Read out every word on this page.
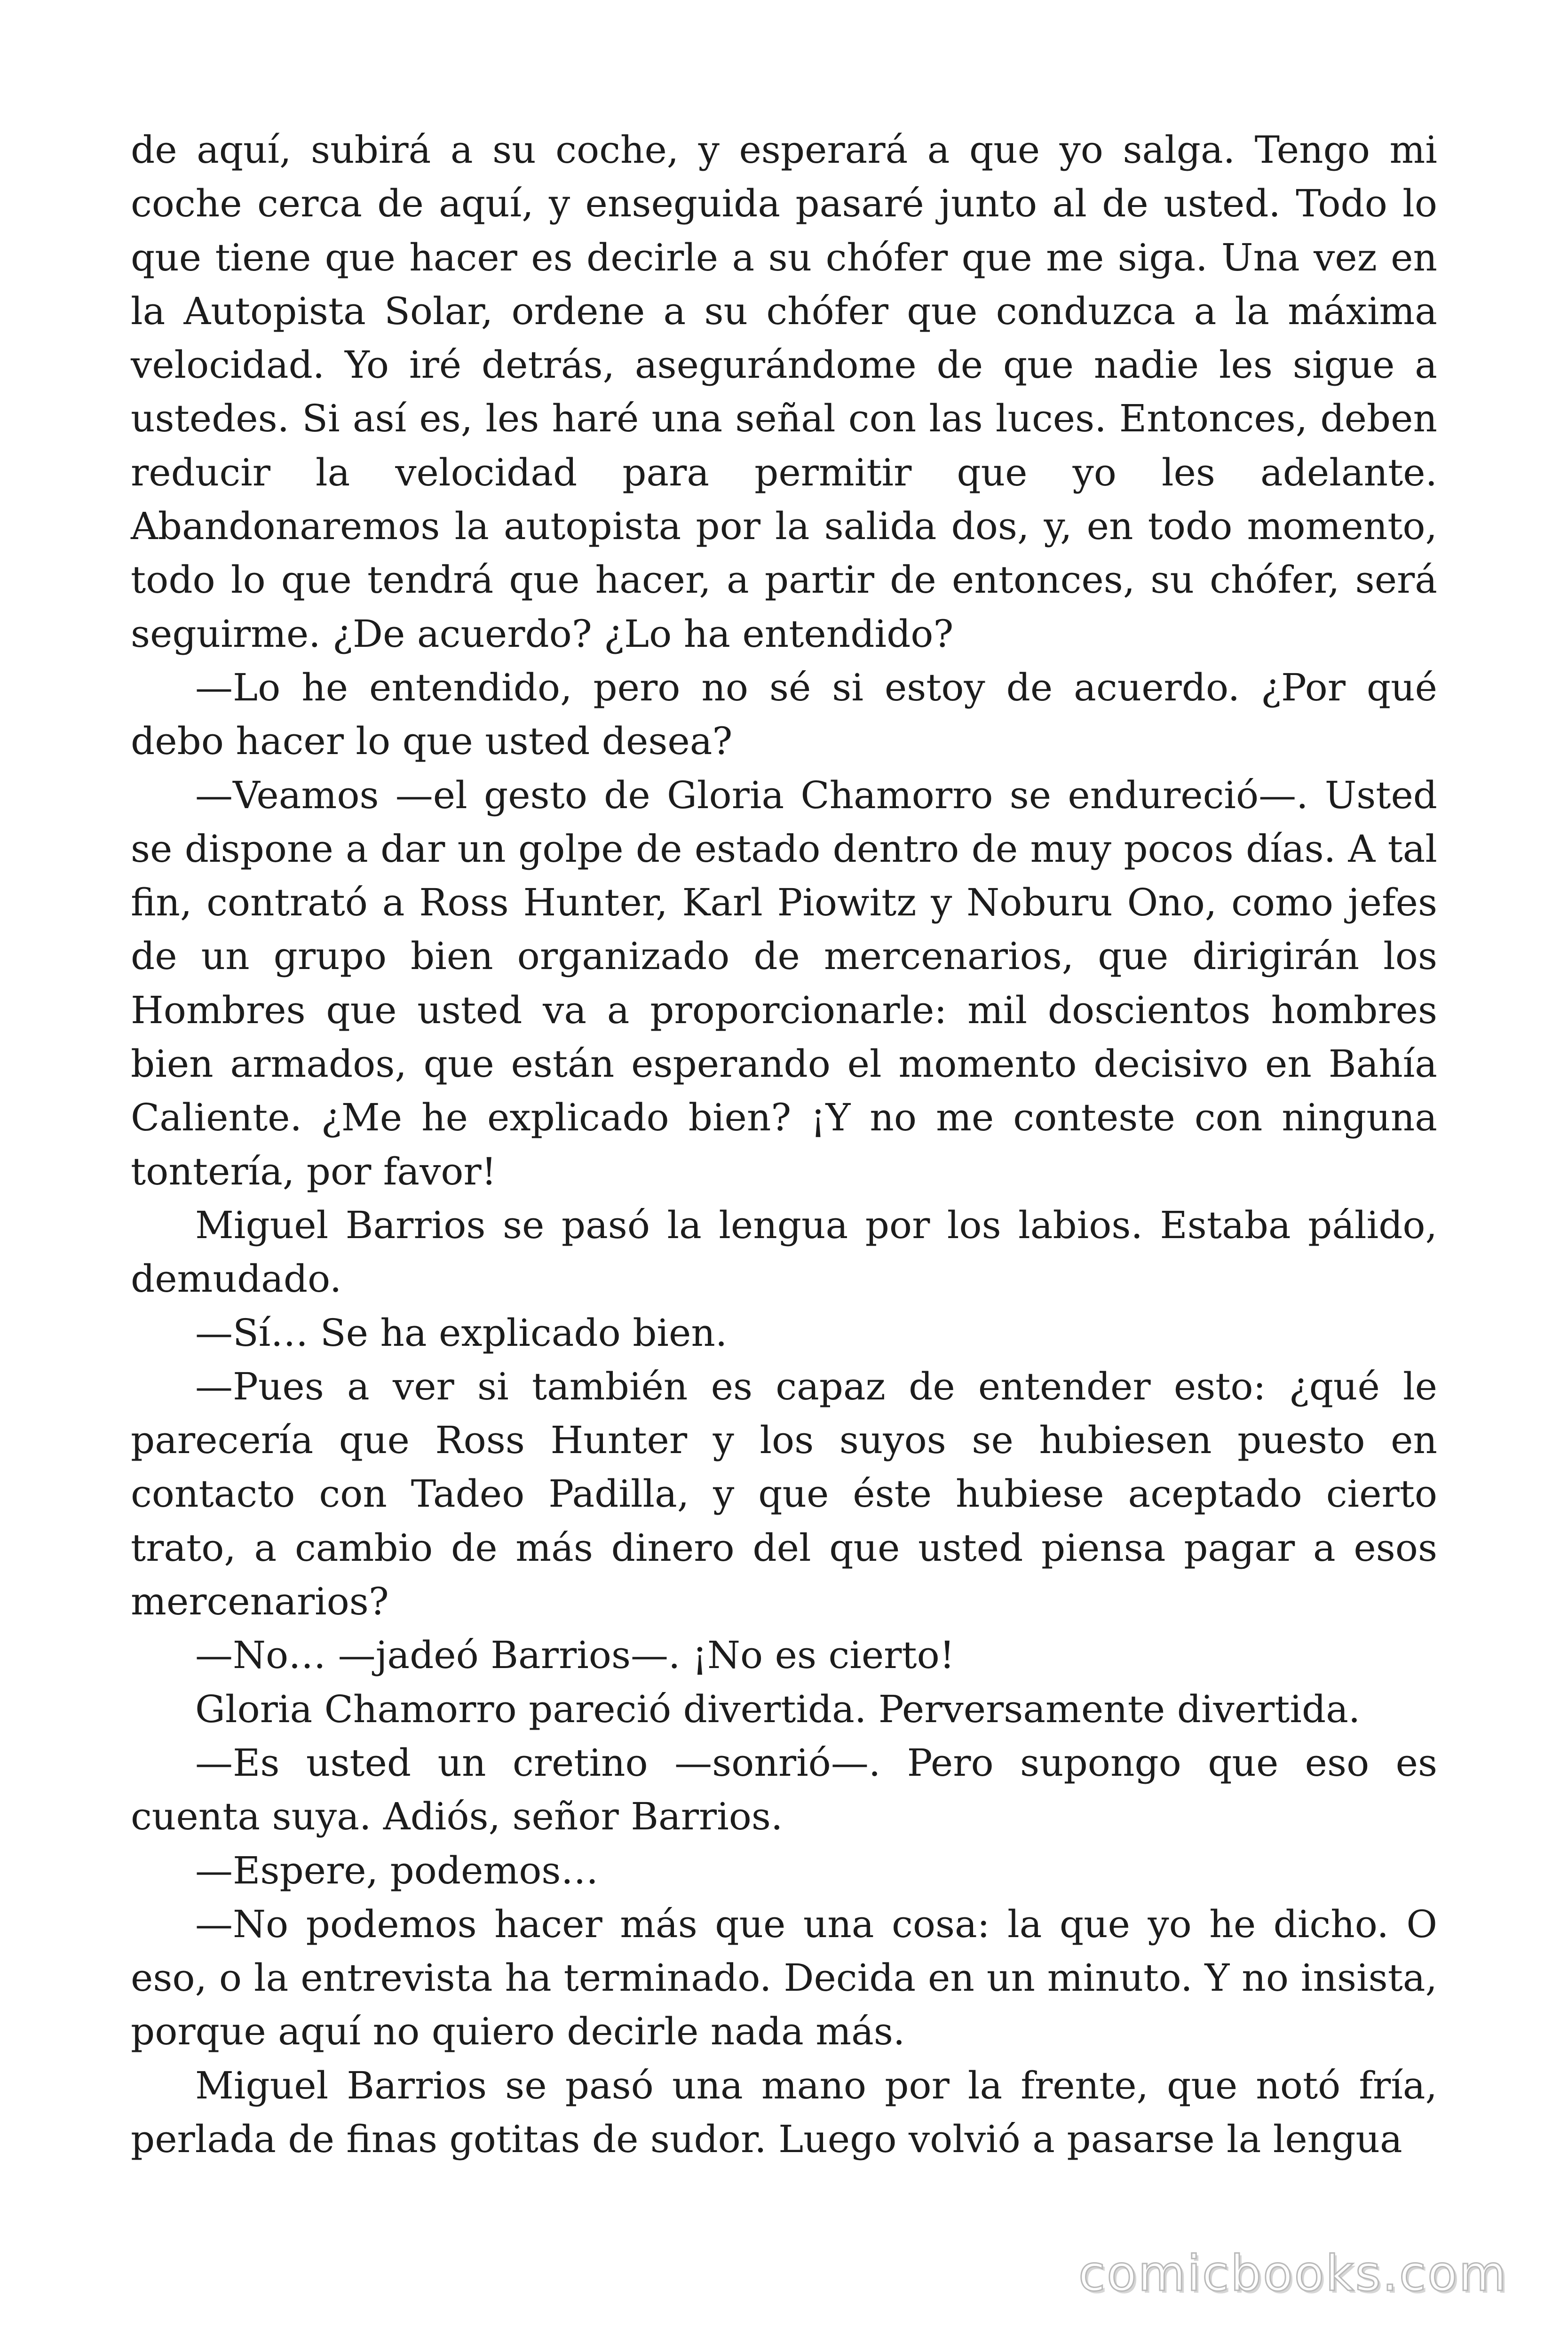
de aquí, subirá a su coche, y esperará a que yo salga. Tengo mi coche cerca de aquí, y enseguida pasaré junto al de usted. Todo lo que tiene que hacer es decirle a su chófer que me siga. Una vez en la Autopista Solar, ordene a su chófer que conduzca a la máxima velocidad. Yo iré detrás, asegurándome de que nadie les sigue a ustedes. Si así es, les haré una señal con las luces. Entonces, deben reducir la velocidad para permitir que yo les adelante. Abandonaremos la autopista por la salida dos, y, en todo momento, todo lo que tendrá que hacer, a partir de entonces, su chófer, será seguirme. ¿De acuerdo? ¿Lo ha entendido?

—Lo he entendido, pero no sé si estoy de acuerdo. ¿Por qué debo hacer lo que usted desea?

—Veamos —el gesto de Gloria Chamorro se endureció—. Usted se dispone a dar un golpe de estado dentro de muy pocos días. A tal fin, contrató a Ross Hunter, Karl Piowitz y Noburu Ono, como jefes de un grupo bien organizado de mercenarios, que dirigirán los Hombres que usted va a proporcionarle: mil doscientos hombres bien armados, que están esperando el momento decisivo en Bahía Caliente. ¿Me he explicado bien? ¡Y no me conteste con ninguna tontería, por favor!

Miguel Barrios se pasó la lengua por los labios. Estaba pálido, demudado.

—Sí… Se ha explicado bien.

—Pues a ver si también es capaz de entender esto: ¿qué le parecería que Ross Hunter y los suyos se hubiesen puesto en contacto con Tadeo Padilla, y que éste hubiese aceptado cierto trato, a cambio de más dinero del que usted piensa pagar a esos mercenarios?

—No… —jadeó Barrios—. ¡No es cierto!

Gloria Chamorro pareció divertida. Perversamente divertida.

—Es usted un cretino —sonrió—. Pero supongo que eso es cuenta suya. Adiós, señor Barrios.

—Espere, podemos…

—No podemos hacer más que una cosa: la que yo he dicho. O eso, o la entrevista ha terminado. Decida en un minuto. Y no insista, porque aquí no quiero decirle nada más.

Miguel Barrios se pasó una mano por la frente, que notó fría, perlada de finas gotitas de sudor. Luego volvió a pasarse la lengua

comicbooks.com
